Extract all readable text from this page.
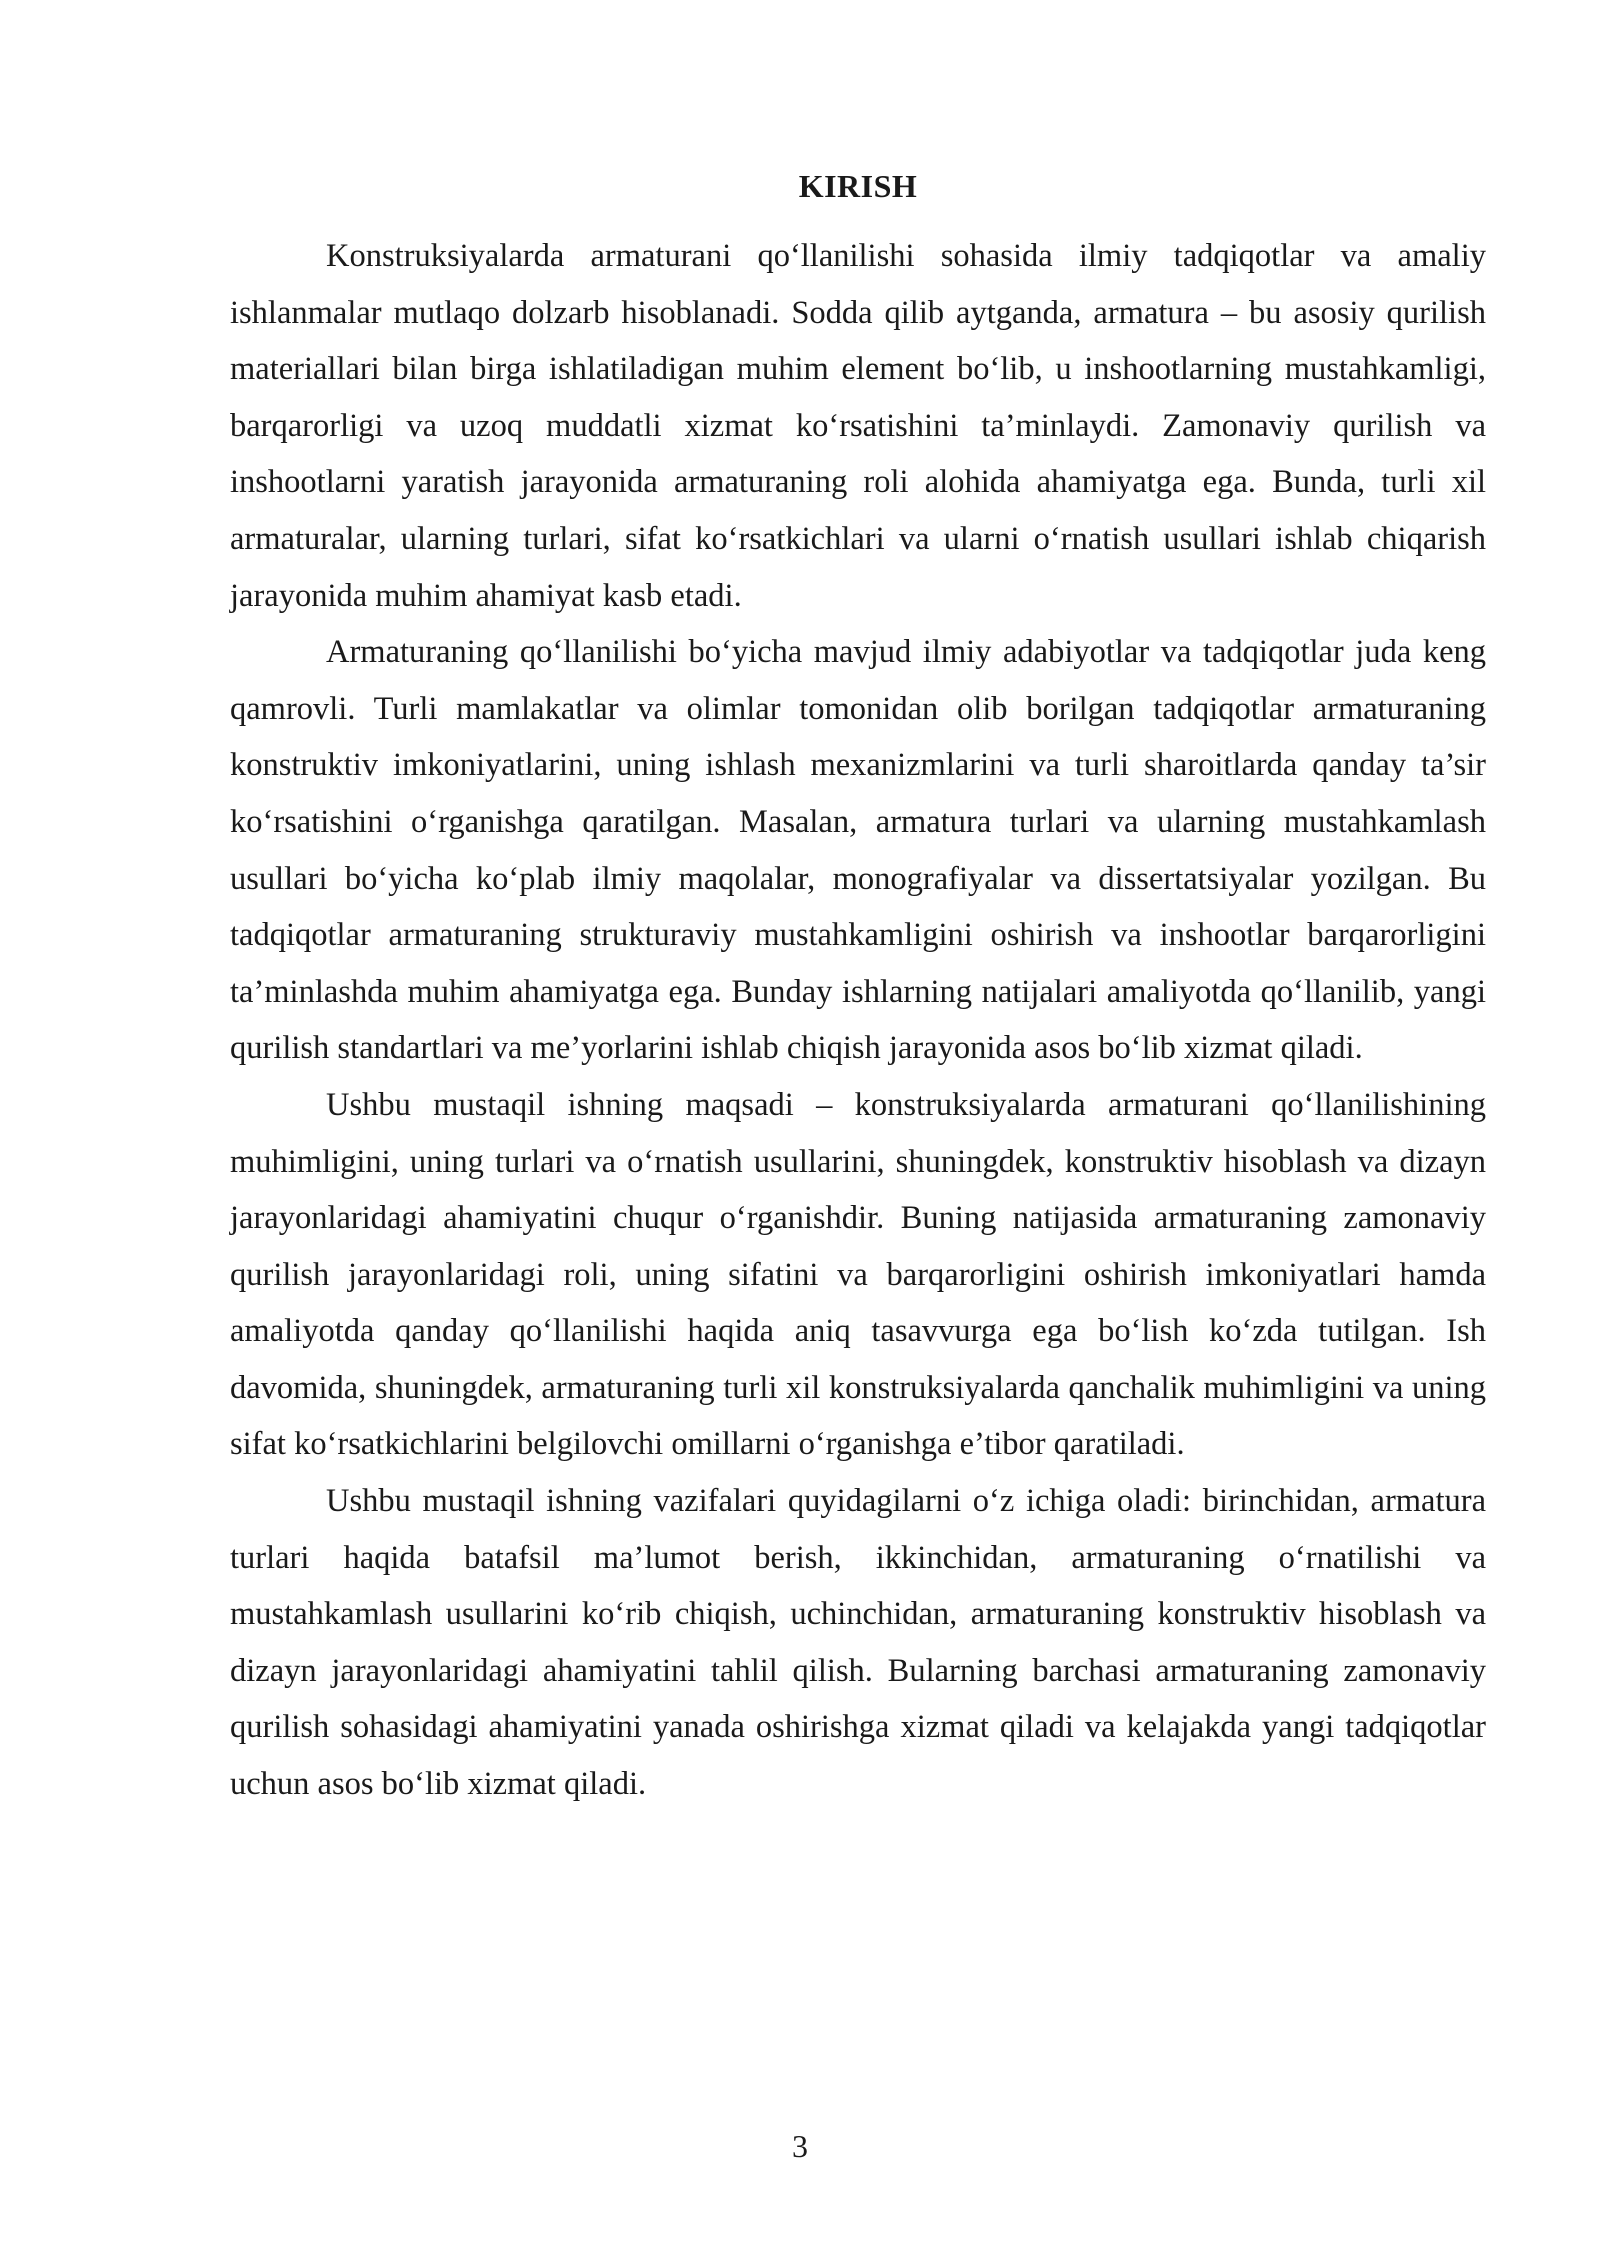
KIRISH

Konstruksiyalarda armaturani qo‘llanilishi sohasida ilmiy tadqiqotlar va amaliy ishlanmalar mutlaqo dolzarb hisoblanadi. Sodda qilib aytganda, armatura – bu asosiy qurilish materiallari bilan birga ishlatiladigan muhim element bo‘lib, u inshootlarning mustahkamligi, barqarorligi va uzoq muddatli xizmat ko‘rsatishini ta’minlaydi. Zamonaviy qurilish va inshootlarni yaratish jarayonida armaturaning roli alohida ahamiyatga ega. Bunda, turli xil armaturalar, ularning turlari, sifat ko‘rsatkichlari va ularni o‘rnatish usullari ishlab chiqarish jarayonida muhim ahamiyat kasb etadi.

Armaturaning qo‘llanilishi bo‘yicha mavjud ilmiy adabiyotlar va tadqiqotlar juda keng qamrovli. Turli mamlakatlar va olimlar tomonidan olib borilgan tadqiqotlar armaturaning konstruktiv imkoniyatlarini, uning ishlash mexanizmlarini va turli sharoitlarda qanday ta’sir ko‘rsatishini o‘rganishga qaratilgan. Masalan, armatura turlari va ularning mustahkamlash usullari bo‘yicha ko‘plab ilmiy maqolalar, monografiyalar va dissertatsiyalar yozilgan. Bu tadqiqotlar armaturaning strukturaviy mustahkamligini oshirish va inshootlar barqarorligini ta’minlashda muhim ahamiyatga ega. Bunday ishlarning natijalari amaliyotda qo‘llanilib, yangi qurilish standartlari va me’yorlarini ishlab chiqish jarayonida asos bo‘lib xizmat qiladi.

Ushbu mustaqil ishning maqsadi – konstruksiyalarda armaturani qo‘llanilishining muhimligini, uning turlari va o‘rnatish usullarini, shuningdek, konstruktiv hisoblash va dizayn jarayonlaridagi ahamiyatini chuqur o‘rganishdir. Buning natijasida armaturaning zamonaviy qurilish jarayonlaridagi roli, uning sifatini va barqarorligini oshirish imkoniyatlari hamda amaliyotda qanday qo‘llanilishi haqida aniq tasavvurga ega bo‘lish ko‘zda tutilgan. Ish davomida, shuningdek, armaturaning turli xil konstruksiyalarda qanchalik muhimligini va uning sifat ko‘rsatkichlarini belgilovchi omillarni o‘rganishga e’tibor qaratiladi.

Ushbu mustaqil ishning vazifalari quyidagilarni o‘z ichiga oladi: birinchidan, armatura turlari haqida batafsil ma’lumot berish, ikkinchidan, armaturaning o‘rnatilishi va mustahkamlash usullarini ko‘rib chiqish, uchinchidan, armaturaning konstruktiv hisoblash va dizayn jarayonlaridagi ahamiyatini tahlil qilish. Bularning barchasi armaturaning zamonaviy qurilish sohasidagi ahamiyatini yanada oshirishga xizmat qiladi va kelajakda yangi tadqiqotlar uchun asos bo‘lib xizmat qiladi.

3
